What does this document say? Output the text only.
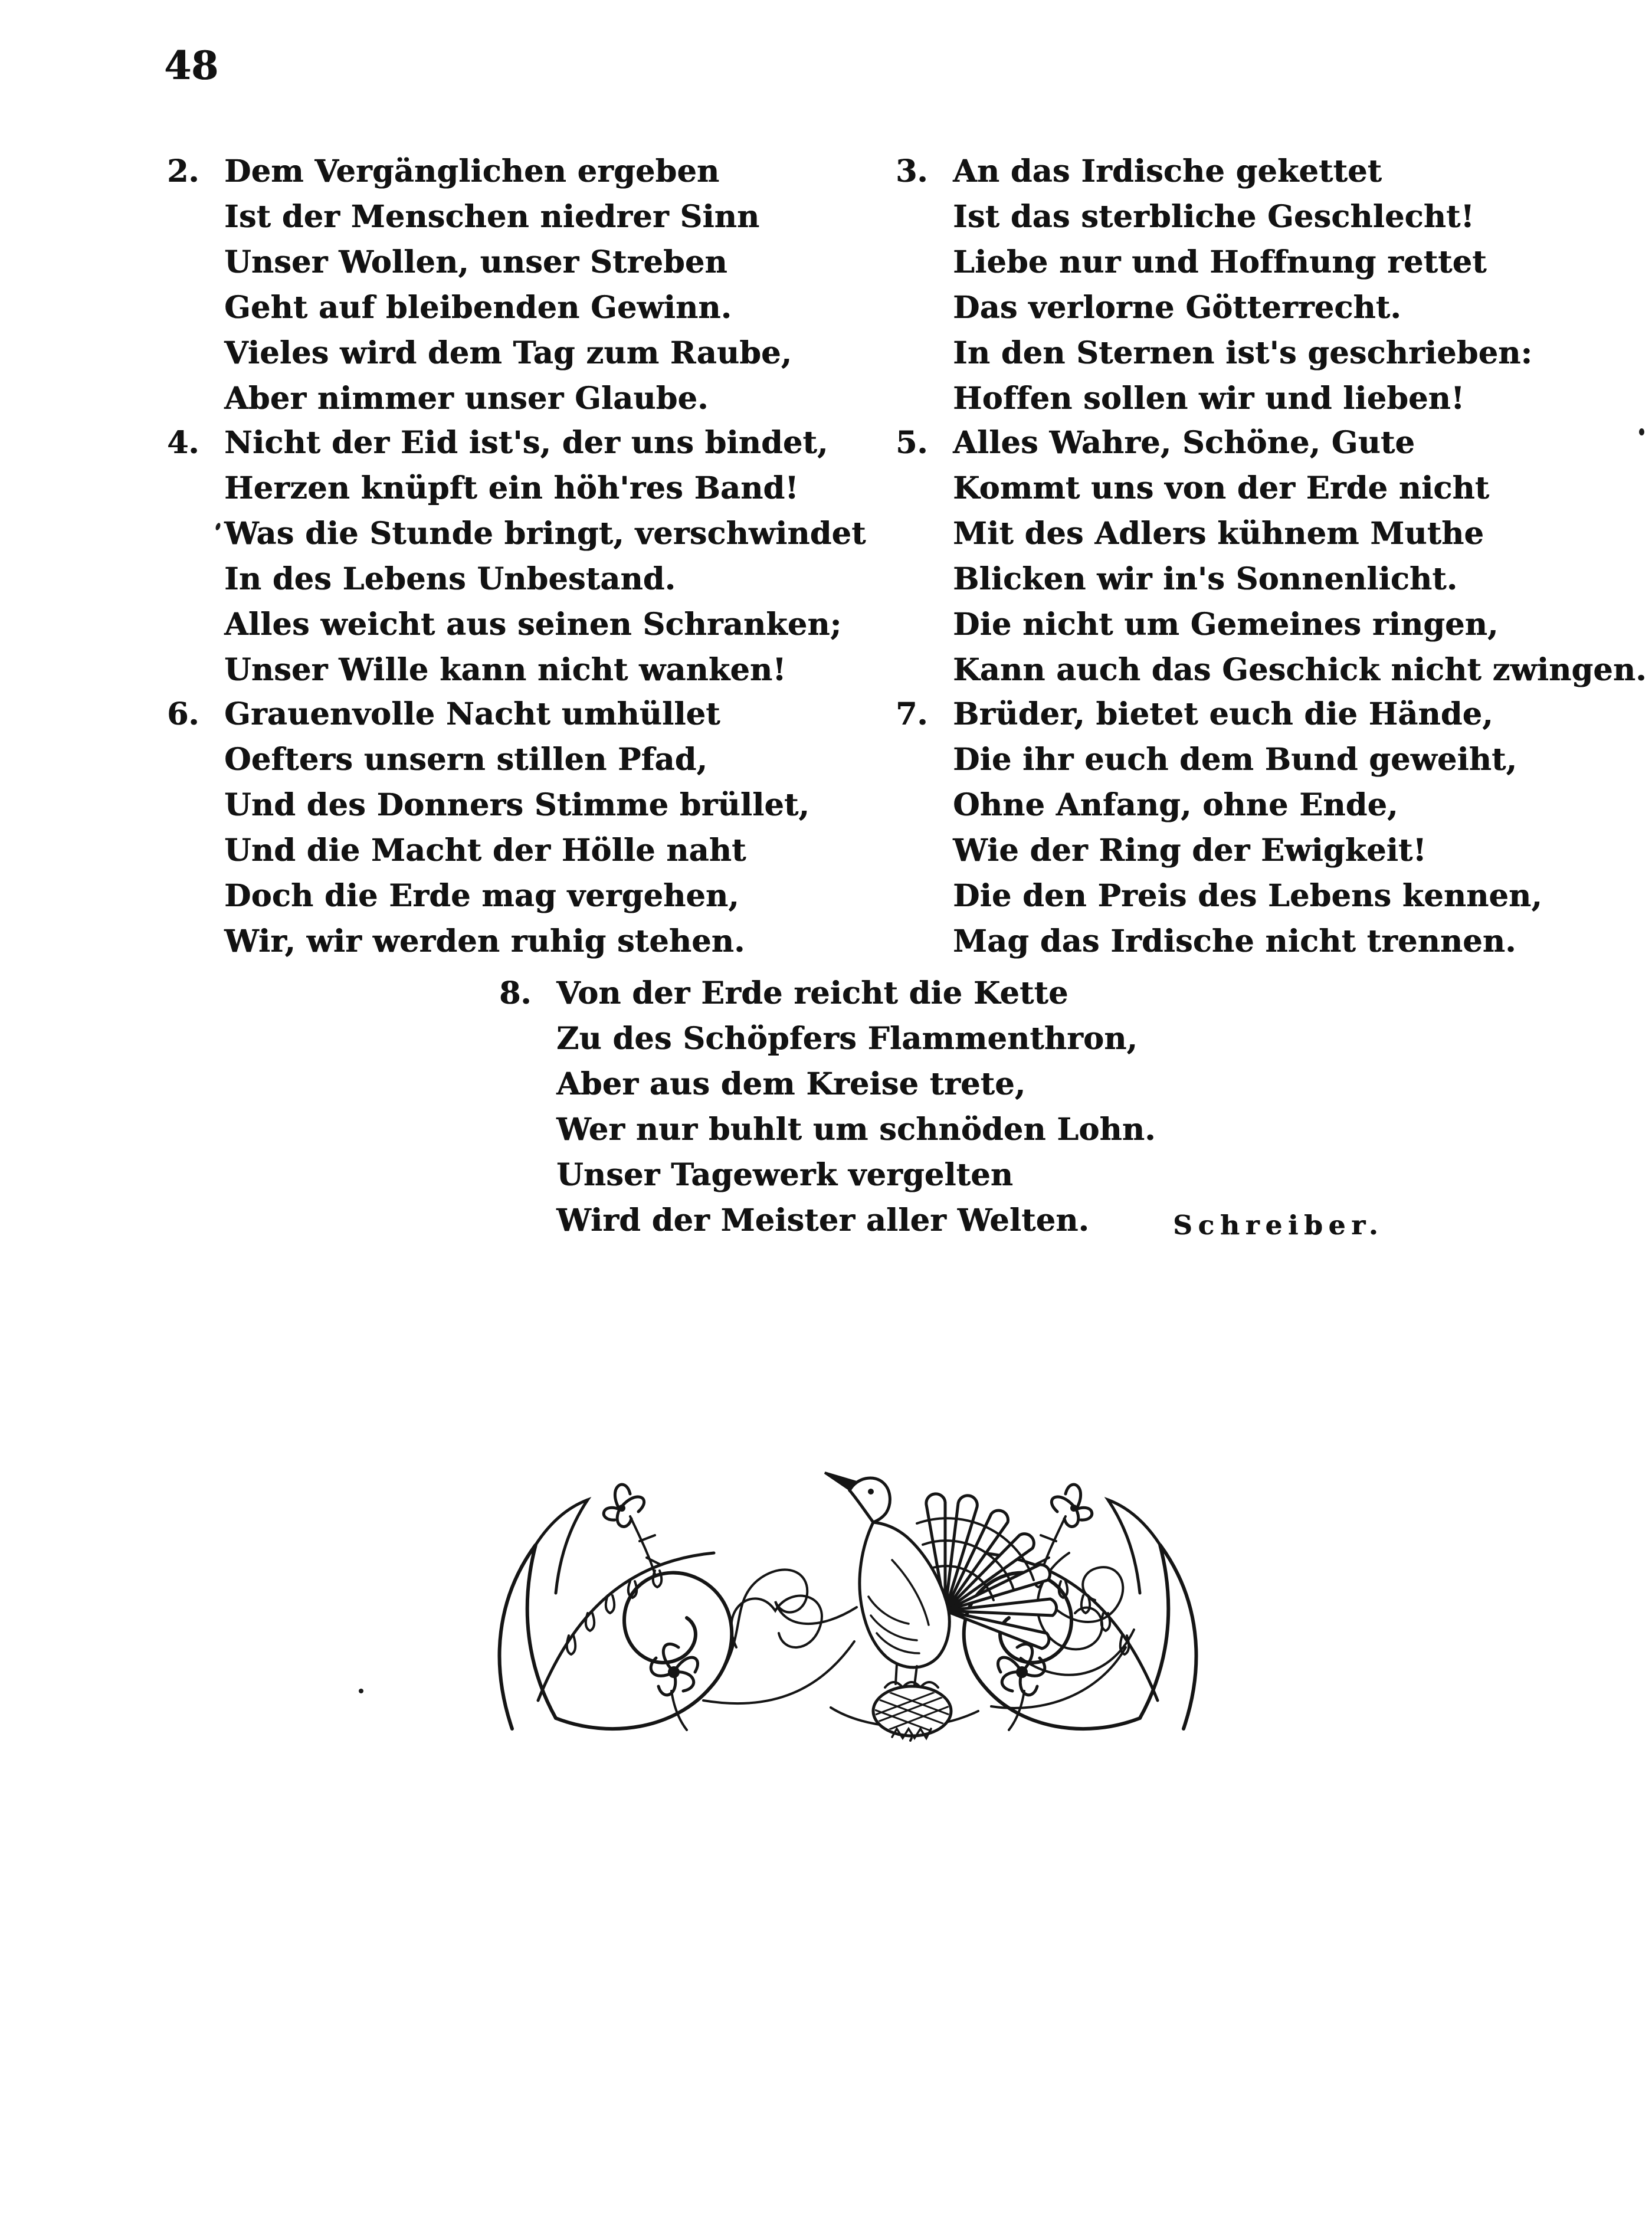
48
2. Dem Vergänglichen ergeben
Ist der Menschen niedrer Sinn
Unser Wollen, unser Streben
Geht auf bleibenden Gewinn.
Vieles wird dem Tag zum Raube,
Aber nimmer unser Glaube.
3. An das Irdische gekettet
Ist das sterbliche Geschlecht!
Liebe nur und Hoffnung rettet
Das verlorne Götterrecht.
In den Sternen ist's geschrieben:
Hoffen sollen wir und lieben!
4. Nicht der Eid ist's, der uns bindet,
Herzen knüpft ein höh'res Band!
Was die Stunde bringt, verschwindet
In des Lebens Unbestand.
Alles weicht aus seinen Schranken;
Unser Wille kann nicht wanken!
5. Alles Wahre, Schöne, Gute
Kommt uns von der Erde nicht
Mit des Adlers kühnem Muthe
Blicken wir in's Sonnenlicht.
Die nicht um Gemeines ringen,
Kann auch das Geschick nicht zwingen.
6. Grauenvolle Nacht umhüllet
Oefters unsern stillen Pfad,
Und des Donners Stimme brüllet,
Und die Macht der Hölle naht
Doch die Erde mag vergehen,
Wir, wir werden ruhig stehen.
7. Brüder, bietet euch die Hände,
Die ihr euch dem Bund geweiht,
Ohne Anfang, ohne Ende,
Wie der Ring der Ewigkeit!
Die den Preis des Lebens kennen,
Mag das Irdische nicht trennen.
8. Von der Erde reicht die Kette
Zu des Schöpfers Flammenthron,
Aber aus dem Kreise trete,
Wer nur buhlt um schnöden Lohn.
Unser Tagewerk vergelten
Wird der Meister aller Welten.	Schreiber.
